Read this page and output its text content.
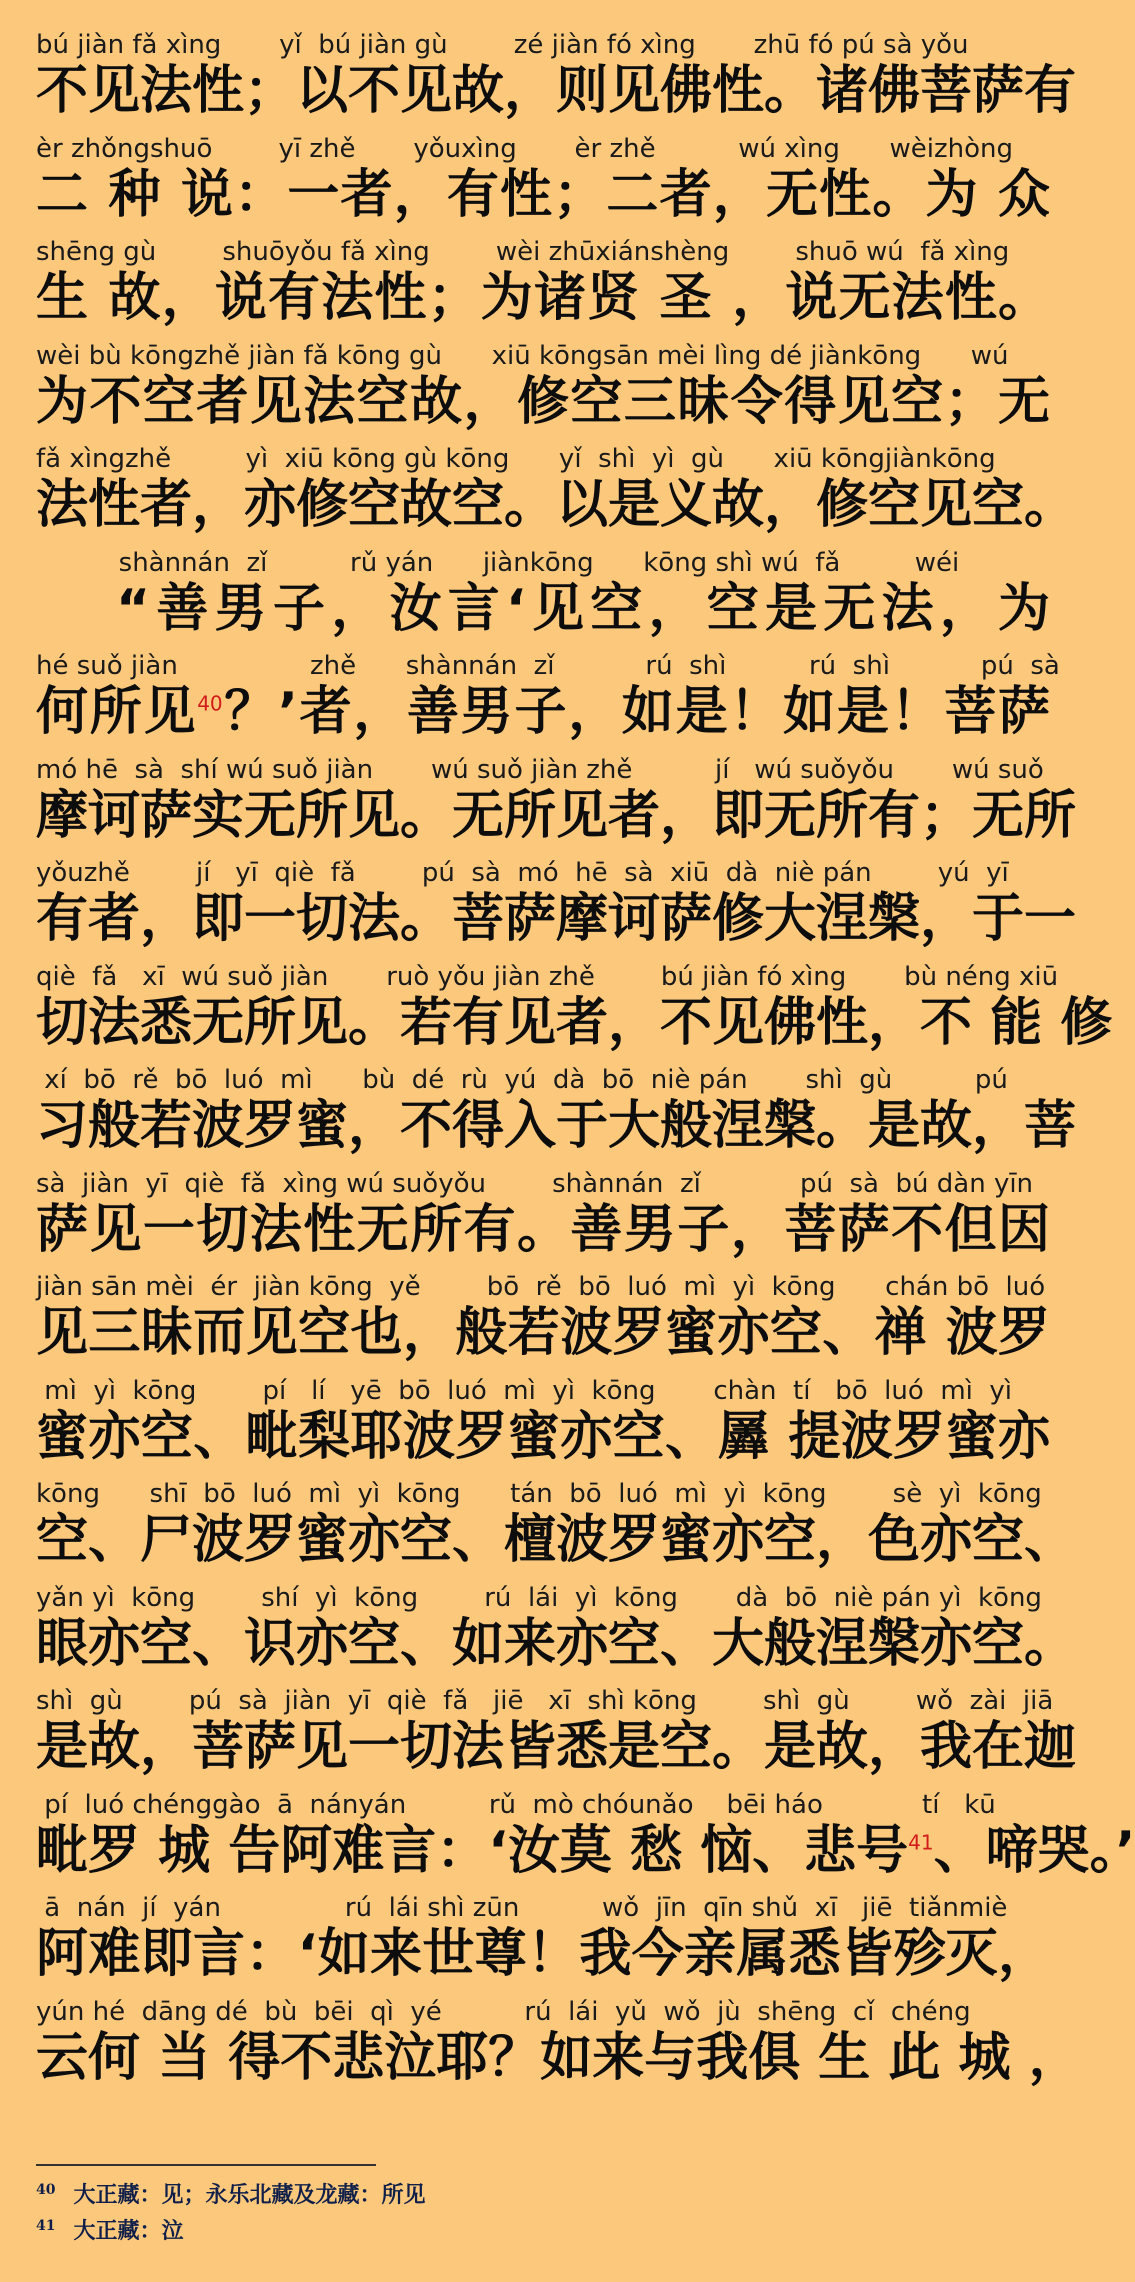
bú jiàn fǎ xìng       yǐ  bú jiàn gù        zé jiàn fó xìng       zhū fó pú sà yǒu
不见法性；以不见故，则见佛性。诸佛菩萨有
èr zhǒngshuō        yī zhě       yǒuxìng       èr zhě          wú xìng      wèizhòng
二 种 说：一者，有性；二者，无性。为 众
shēng gù        shuōyǒu fǎ xìng        wèi zhūxiánshèng        shuō wú  fǎ xìng
生 故，说有法性；为诸贤 圣 ，说无法性。
wèi bù kōngzhě jiàn fǎ kōng gù      xiū kōngsān mèi lìng dé jiànkōng      wú
为不空者见法空故，修空三昧令得见空；无
fǎ xìngzhě         yì  xiū kōng gù kōng      yǐ  shì  yì  gù      xiū kōngjiànkōng
法性者，亦修空故空。以是义故，修空见空。
shànnán  zǐ          rǔ yán      jiànkōng      kōng shì wú  fǎ         wéi
“善男子，汝言‘见空，空是无法，为
hé suǒ jiàn                zhě      shànnán  zǐ           rú  shì          rú  shì           pú  sà
何所见$^{40}$？’者，善男子，如是！如是！菩萨
mó hē  sà  shí wú suǒ jiàn       wú suǒ jiàn zhě          jí   wú suǒyǒu       wú suǒ
摩诃萨实无所见。无所见者，即无所有；无所
yǒuzhě        jí   yī  qiè  fǎ        pú  sà  mó  hē  sà  xiū  dà  niè pán        yú  yī
有者，即一切法。菩萨摩诃萨修大涅槃，于一
qiè  fǎ   xī  wú suǒ jiàn       ruò yǒu jiàn zhě        bú jiàn fó xìng       bù néng xiū
切法悉无所见。若有见者，不见佛性，不 能 修
xí  bō  rě  bō  luó  mì      bù  dé  rù  yú  dà  bō  niè pán       shì  gù          pú
习般若波罗蜜，不得入于大般涅槃。是故，菩
sà  jiàn  yī  qiè  fǎ  xìng wú suǒyǒu        shànnán  zǐ            pú  sà  bú dàn yīn
萨见一切法性无所有。善男子，菩萨不但因
jiàn sān mèi  ér  jiàn kōng  yě        bō  rě  bō  luó  mì  yì  kōng      chán bō  luó
见三昧而见空也，般若波罗蜜亦空、禅 波罗
mì  yì  kōng        pí   lí   yē  bō  luó  mì  yì  kōng       chàn  tí   bō  luó  mì  yì
蜜亦空、毗梨耶波罗蜜亦空、羼 提波罗蜜亦
kōng      shī  bō  luó  mì  yì  kōng      tán  bō  luó  mì  yì  kōng        sè  yì  kōng
空、尸波罗蜜亦空、檀波罗蜜亦空，色亦空、
yǎn yì  kōng        shí  yì  kōng        rú  lái  yì  kōng       dà  bō  niè pán yì  kōng
眼亦空、识亦空、如来亦空、大般涅槃亦空。
shì  gù        pú  sà  jiàn  yī  qiè  fǎ   jiē   xī  shì kōng        shì  gù        wǒ  zài  jiā
是故，菩萨见一切法皆悉是空。是故，我在迦
pí  luó chénggào  ā  nányán          rǔ  mò chóunǎo    bēi háo            tí   kū
毗罗 城 告阿难言：‘汝莫 愁 恼、悲号$^{41}$、啼哭。’
ā  nán  jí  yán               rú  lái shì zūn          wǒ  jīn  qīn shǔ  xī   jiē  tiǎnmiè
阿难即言：‘如来世尊！我今亲属悉皆殄灭，
yún hé  dāng dé  bù  bēi  qì  yé          rú  lái  yǔ  wǒ  jù  shēng  cǐ  chéng
云何 当 得不悲泣耶？如来与我俱 生 此 城 ，
$^{40}$ 大正藏：见；永乐北藏及龙藏：所见
$^{41}$ 大正藏：泣
